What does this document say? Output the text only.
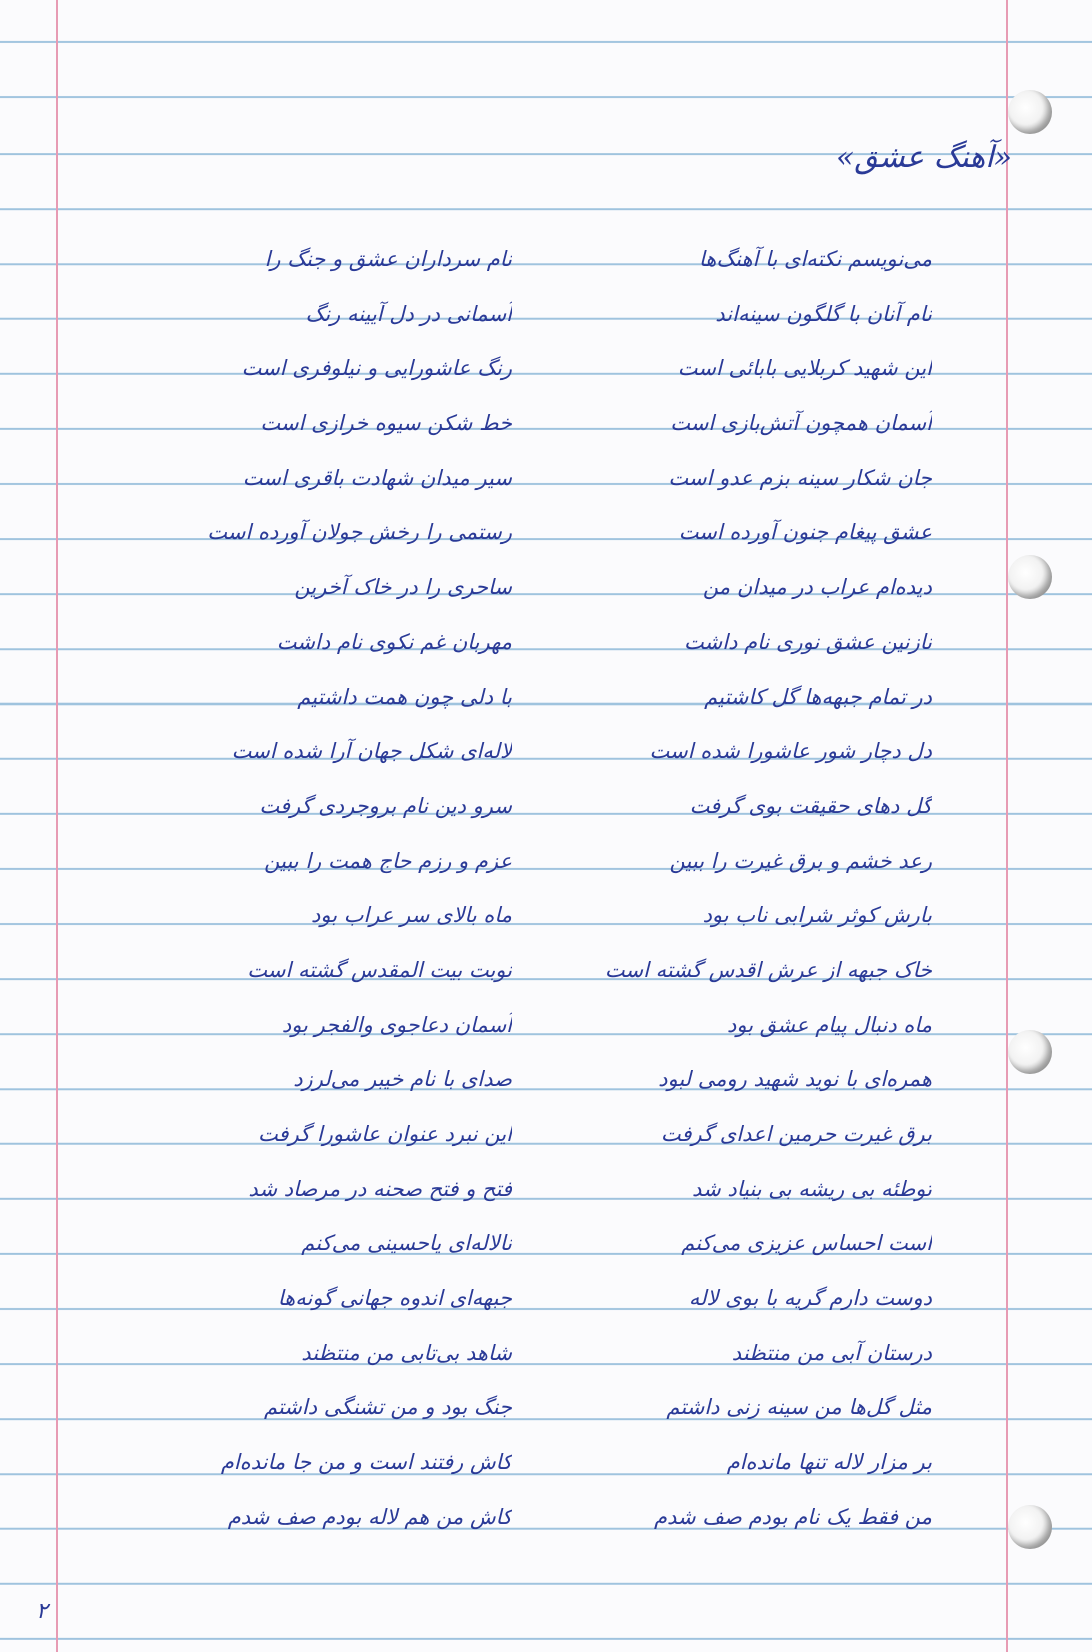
«آهنگ عشق»
می‌نویسم نکته‌ای با آهنگ‌ها
نام آنان با گلگون سینه‌اند
این شهید کربلایی بابائی است
آسمان همچون آتش‌بازی است
جان شکار سینه بزم عدو است
عشق پیغام جنون آورده است
دیده‌ام عراب در میدان من
نازنین عشق نوری نام داشت
در تمام جبهه‌ها گل کاشتیم
دل دچار شور عاشورا شده است
گل دهای حقیقت بوی گرفت
رعد خشم و برق غیرت را ببین
بارش کوثر شرابی ناب بود
خاک جبهه از عرش اقدس گشته است
ماه دنبال پیام عشق بود
همره‌ای با نوید شهید رومی لبود
برق غیرت حرمین اعدای گرفت
توطئه بی ریشه بی بنیاد شد
است احساس عزیزی می‌کنم
دوست دارم گریه با بوی لاله
درستان آبی من منتظند
مثل گل‌ها من سینه زنی داشتم
بر مزار لاله تنها مانده‌ام
من فقط یک نام بودم صف شدم
نام سرداران عشق و جنگ را
آسمانی در دل آیینه رنگ
رنگ عاشورایی و نیلوفری است
خط شکن سیوه خرازی است
سیر میدان شهادت باقری است
رستمی را رخش جولان آورده است
ساحری را در خاک آخرین
مهربان غم نکوی نام داشت
با دلی چون همت داشتیم
لاله‌ای شکل جهان آرا شده است
سرو دین نام بروجردی گرفت
عزم و رزم حاج همت را ببین
ماه بالای سر عراب بود
نوبت بیت المقدس گشته است
آسمان دعاجوی والفجر بود
صدای با نام خیبر می‌لرزد
این نبرد عنوان عاشورا گرفت
فتح و فتح صحنه در مرصاد شد
نالاله‌ای یاحسینی می‌کنم
جبهه‌ای اندوه جهانی گونه‌ها
شاهد بی‌تابی من منتظند
جنگ بود و من تشنگی داشتم
کاش رفتند است و من جا مانده‌ام
کاش من هم لاله بودم صف شدم
۲
